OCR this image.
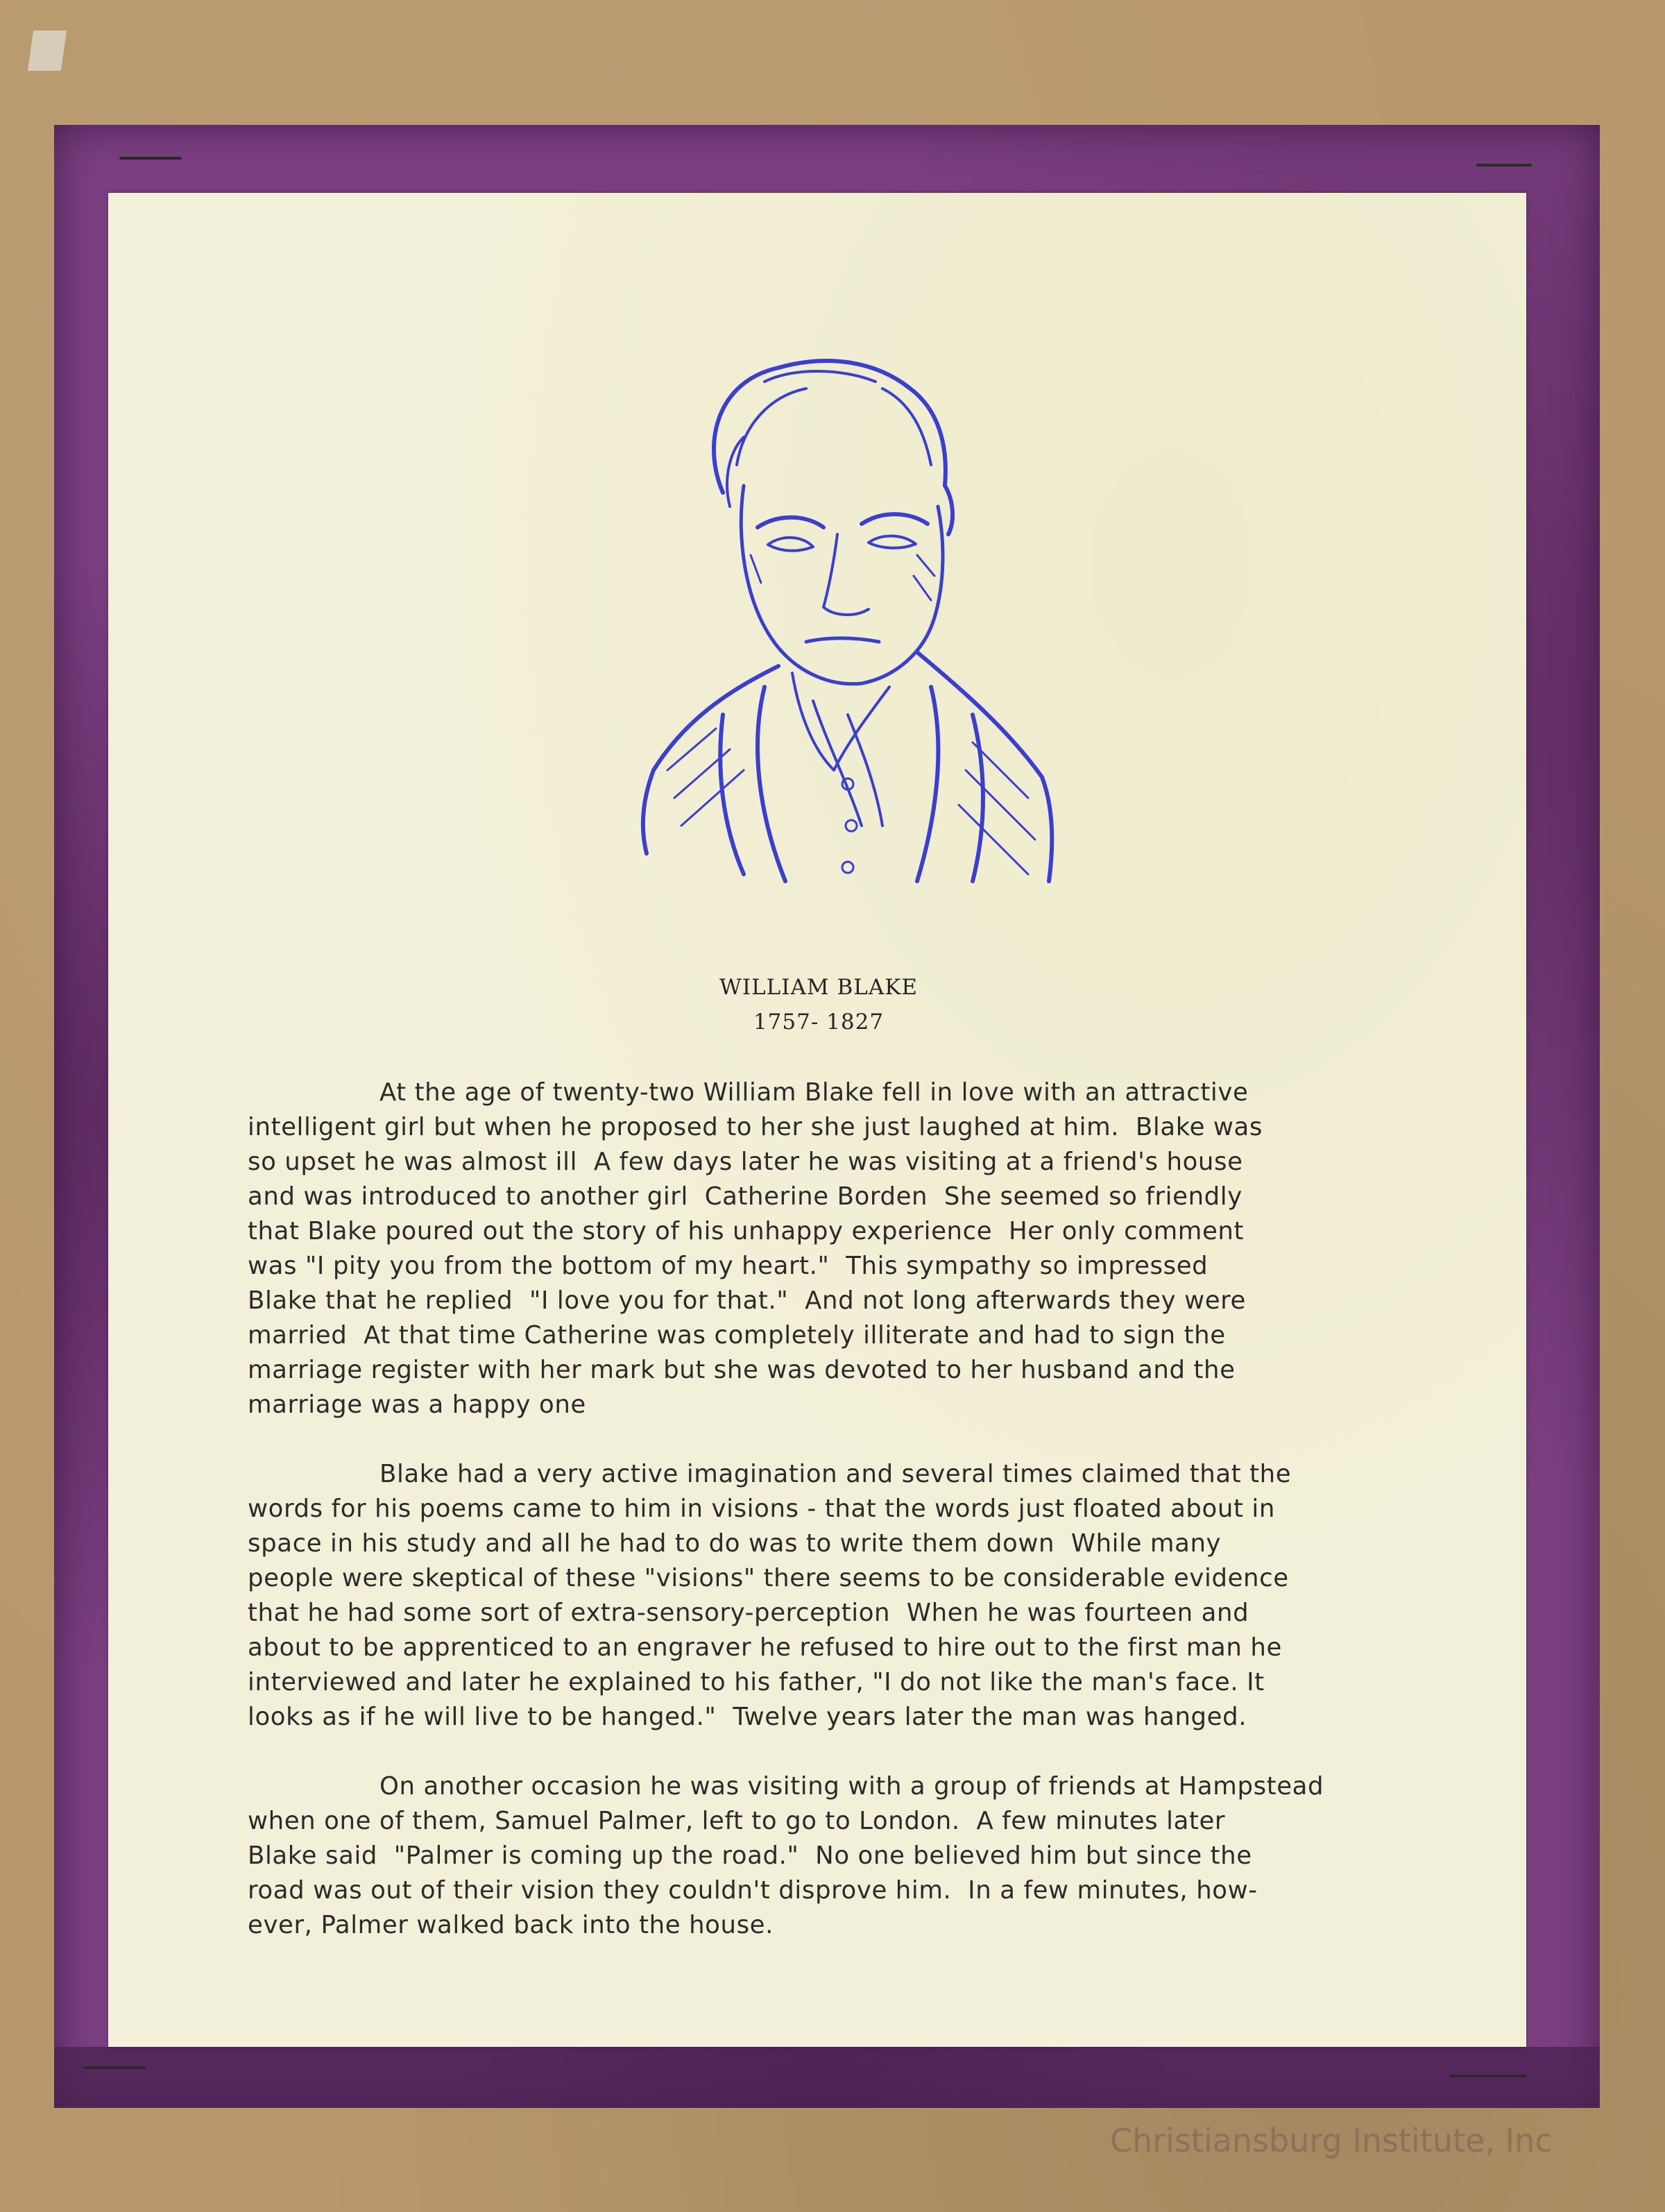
WILLIAM BLAKE
1757- 1827
At the age of twenty-two William Blake fell in love with an attractive
intelligent girl but when he proposed to her she just laughed at him.  Blake was
so upset he was almost ill  A few days later he was visiting at a friend's house
and was introduced to another girl  Catherine Borden  She seemed so friendly
that Blake poured out the story of his unhappy experience  Her only comment
was "I pity you from the bottom of my heart."  This sympathy so impressed
Blake that he replied  "I love you for that."  And not long afterwards they were
married  At that time Catherine was completely illiterate and had to sign the
marriage register with her mark but she was devoted to her husband and the
marriage was a happy one
Blake had a very active imagination and several times claimed that the
words for his poems came to him in visions - that the words just floated about in
space in his study and all he had to do was to write them down  While many
people were skeptical of these "visions" there seems to be considerable evidence
that he had some sort of extra-sensory-perception  When he was fourteen and
about to be apprenticed to an engraver he refused to hire out to the first man he
interviewed and later he explained to his father, "I do not like the man's face. It
looks as if he will live to be hanged."  Twelve years later the man was hanged.
On another occasion he was visiting with a group of friends at Hampstead
when one of them, Samuel Palmer, left to go to London.  A few minutes later
Blake said  "Palmer is coming up the road."  No one believed him but since the
road was out of their vision they couldn't disprove him.  In a few minutes, how-
ever, Palmer walked back into the house.
Christiansburg Institute, Inc
